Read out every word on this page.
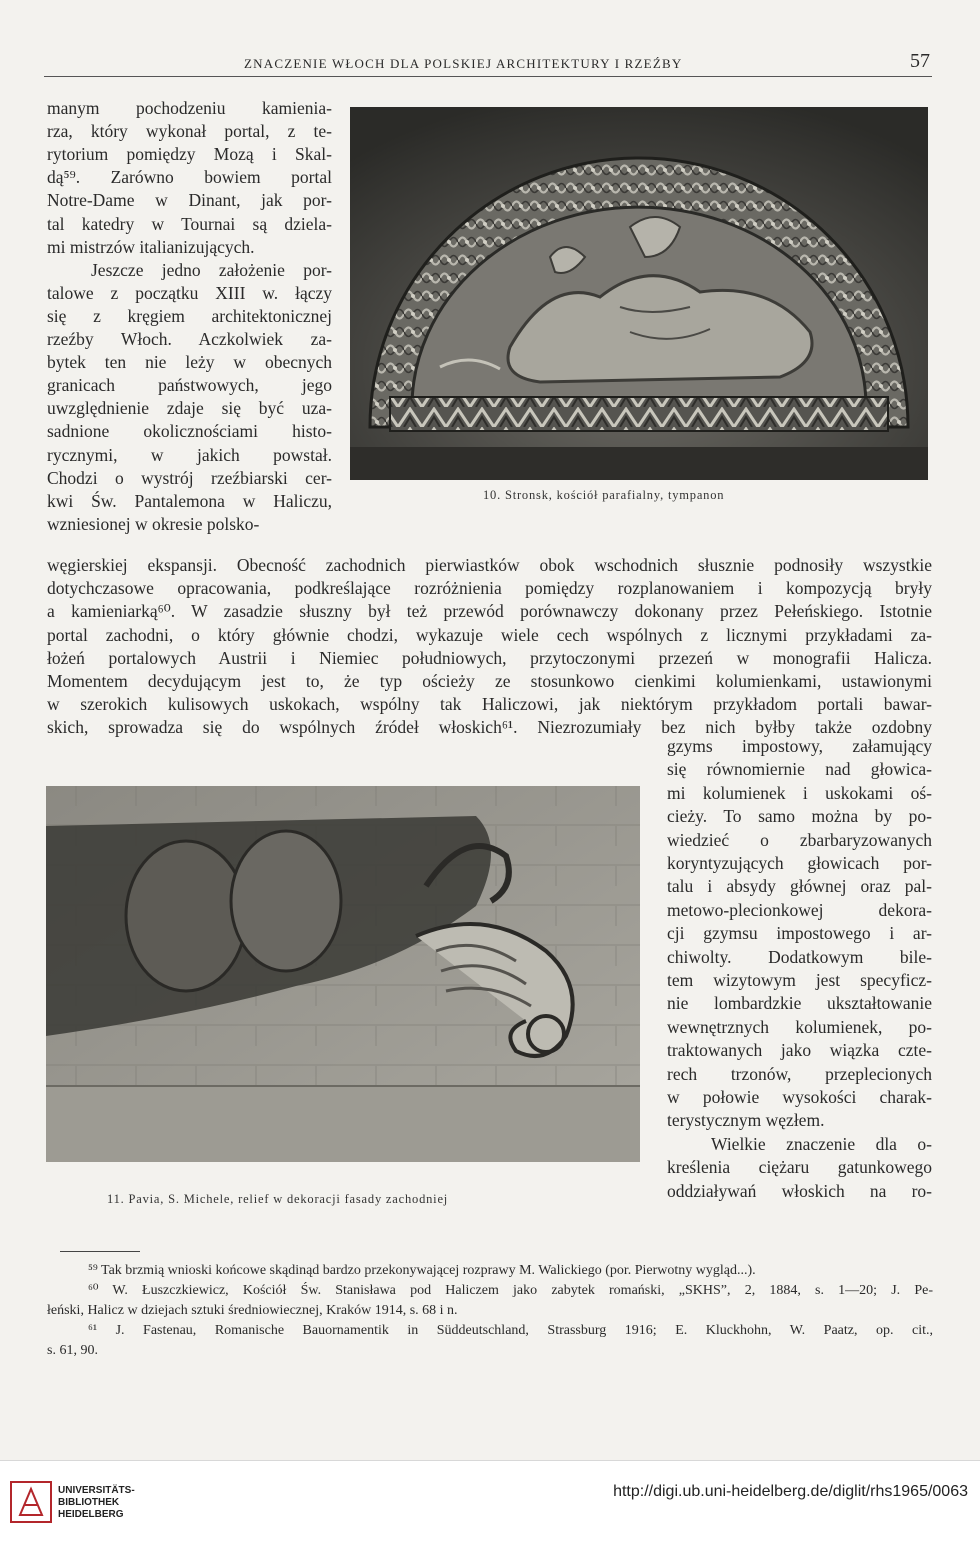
ZNACZENIE WŁOCH DLA POLSKIEJ ARCHITEKTURY I RZEŹBY	57
10. Stronsk, kościół parafialny, tympanon
manym pochodzeniu kamienia-
rza, który wykonał portal, z te-
rytorium pomiędzy Mozą i Skal-
dą⁵⁹. Zarówno bowiem portal
Notre-Dame w Dinant, jak por-
tal katedry w Tournai są dziela-
mi mistrzów italianizujących.
Jeszcze jedno założenie por-
talowe z początku XIII w. łączy
się z kręgiem architektonicznej
rzeźby Włoch. Aczkolwiek za-
bytek ten nie leży w obecnych
granicach państwowych, jego
uwzględnienie zdaje się być uza-
sadnione okolicznościami histo-
rycznymi, w jakich powstał.
Chodzi o wystrój rzeźbiarski cer-
kwi Św. Pantalemona w Haliczu,
wzniesionej w okresie polsko-
węgierskiej ekspansji. Obecność zachodnich pierwiastków obok wschodnich słusznie podnosiły wszystkie
dotychczasowe opracowania, podkreślające rozróżnienia pomiędzy rozplanowaniem i kompozycją bryły
a kamieniarką⁶⁰. W zasadzie słuszny był też przewód porównawczy dokonany przez Pełeńskiego. Istotnie
portal zachodni, o który głównie chodzi, wykazuje wiele cech wspólnych z licznymi przykładami za-
łożeń portalowych Austrii i Niemiec południowych, przytoczonymi przezeń w monografii Halicza.
Momentem decydującym jest to, że typ ościeży ze stosunkowo cienkimi kolumienkami, ustawionymi
w szerokich kulisowych uskokach, wspólny tak Haliczowi, jak niektórym przykładom portali bawar-
skich, sprowadza się do wspólnych źródeł włoskich⁶¹. Niezrozumiały bez nich byłby także ozdobny
11. Pavia, S. Michele, relief w dekoracji fasady zachodniej
gzyms impostowy, załamujący
się równomiernie nad głowica-
mi kolumienek i uskokami oś-
cieży. To samo można by po-
wiedzieć o zbarbaryzowanych
koryntyzujących głowicach por-
talu i absydy głównej oraz pal-
metowo-plecionkowej dekora-
cji gzymsu impostowego i ar-
chiwolty. Dodatkowym bile-
tem wizytowym jest specyficz-
nie lombardzkie ukształtowanie
wewnętrznych kolumienek, po-
traktowanych jako wiązka czte-
rech trzonów, przeplecionych
w połowie wysokości charak-
terystycznym węzłem.
Wielkie znaczenie dla o-
kreślenia ciężaru gatunkowego
oddziaływań włoskich na ro-
⁵⁹ Tak brzmią wnioski końcowe skądinąd bardzo przekonywającej rozprawy M. Walickiego (por. Pierwotny wygląd...).
⁶⁰ W. Łuszczkiewicz, Kościół Św. Stanisława pod Haliczem jako zabytek romański, „SKHS”, 2, 1884, s. 1—20; J. Pe-
łeński, Halicz w dziejach sztuki średniowiecznej, Kraków 1914, s. 68 i n.
⁶¹ J. Fastenau, Romanische Bauornamentik in Süddeutschland, Strassburg 1916; E. Kluckhohn, W. Paatz, op. cit.,
s. 61, 90.
UNIVERSITÄTS-
BIBLIOTHEK
HEIDELBERG
http://digi.ub.uni-heidelberg.de/diglit/rhs1965/0063
